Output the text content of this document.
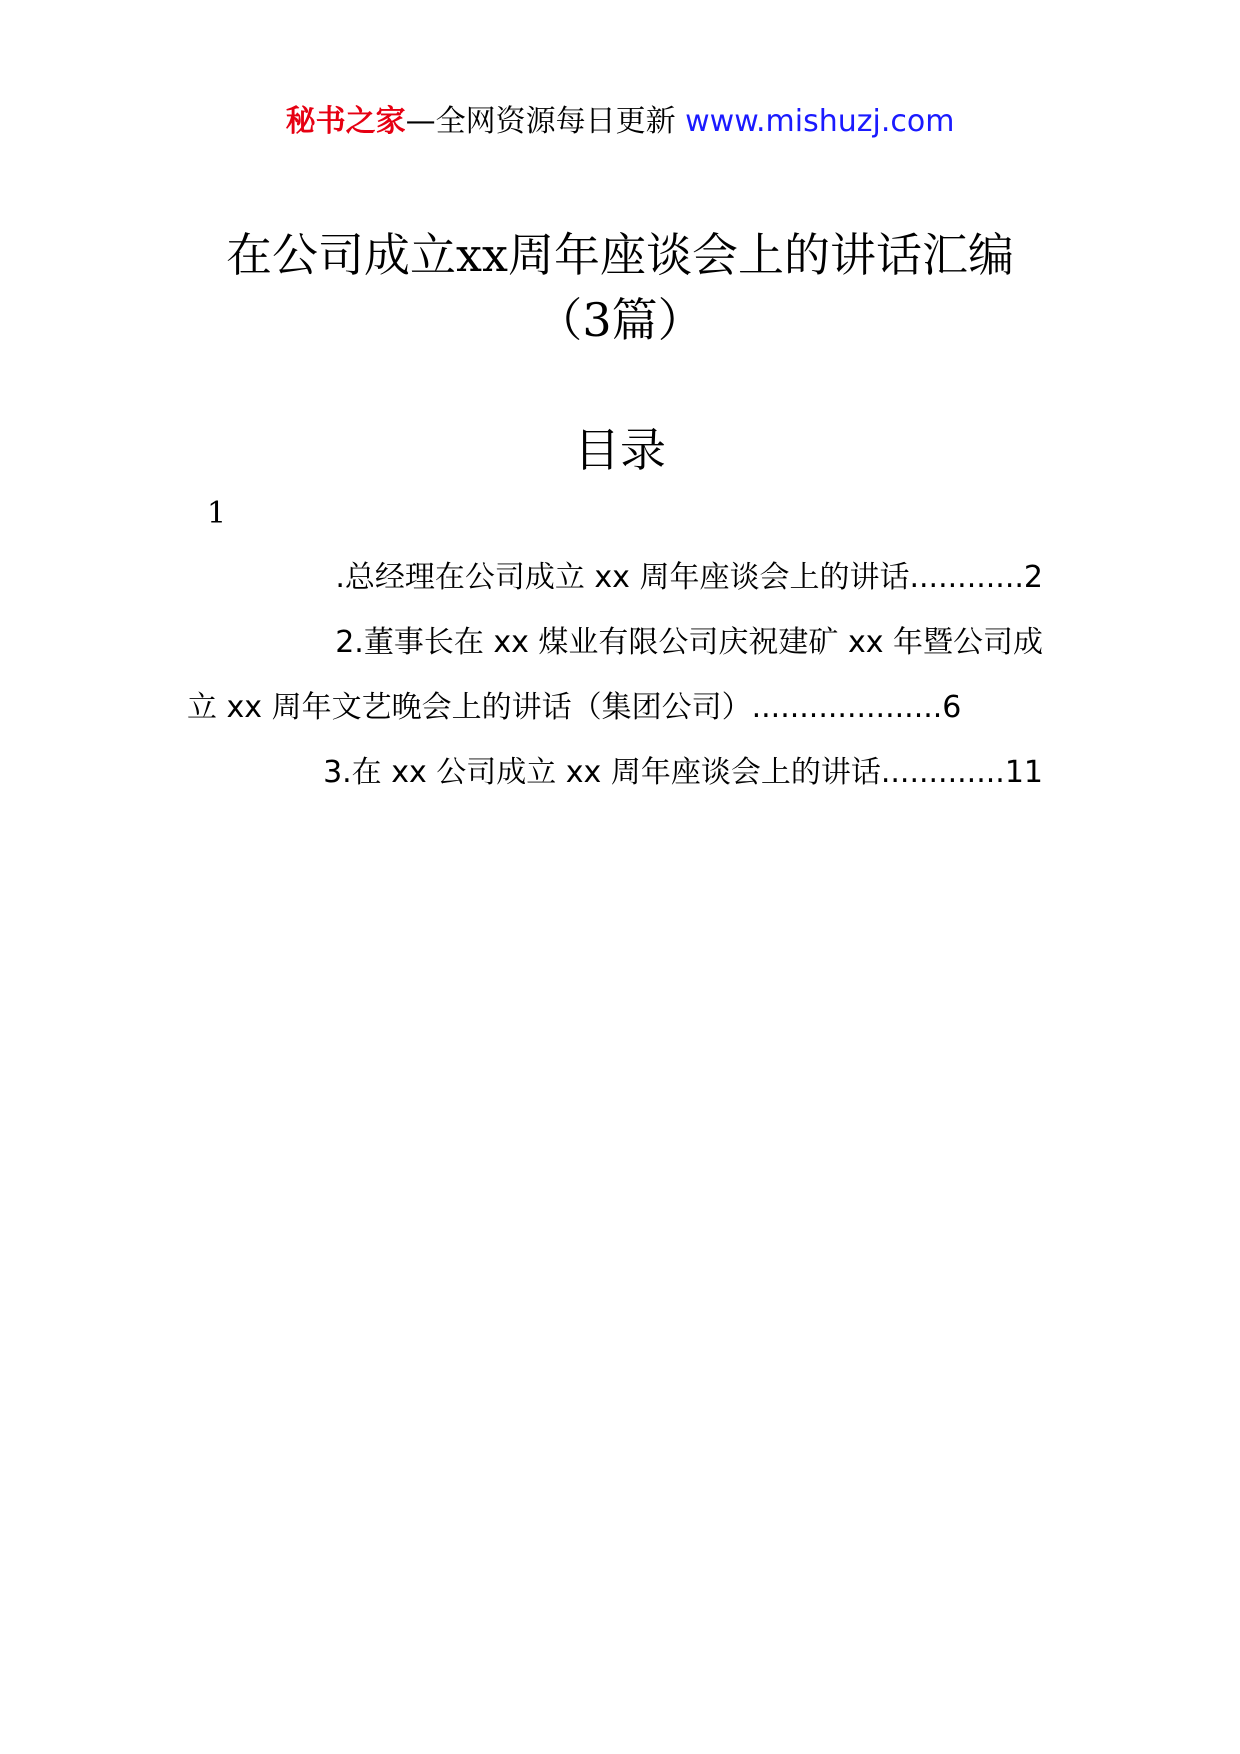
秘书之家—全网资源每日更新 www.mishuzj.com
在公司成立xx周年座谈会上的讲话汇编
（3篇）
目录
1
.总经理在公司成立 xx 周年座谈会上的讲话............2
2.董事长在 xx 煤业有限公司庆祝建矿 xx 年暨公司成
立 xx 周年文艺晚会上的讲话（集团公司）....................6
3.在 xx 公司成立 xx 周年座谈会上的讲话.............11
